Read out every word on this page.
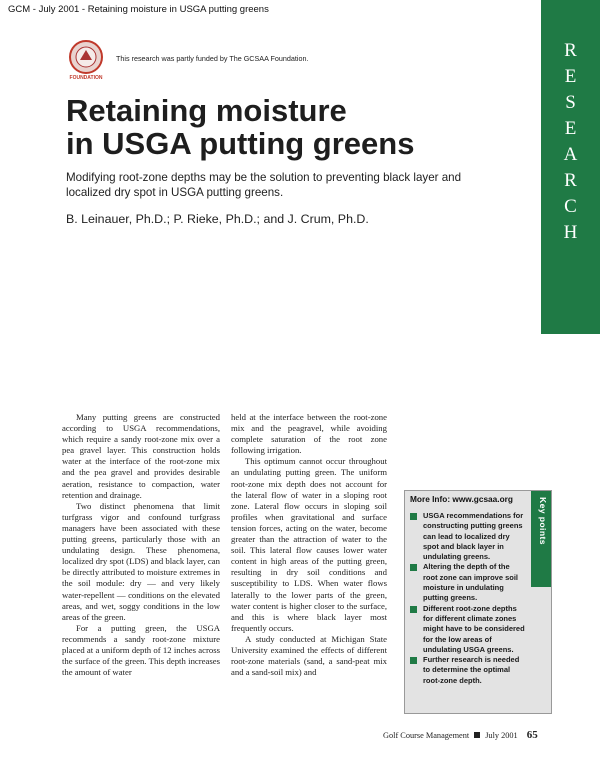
GCM - July 2001 - Retaining moisture in USGA putting greens
FOUNDATION
This research was partly funded by The GCSAA Foundation.	R
E
S
E
A
R
C
H
Retaining moisture
in USGA putting greens
Modifying root-zone depths may be the solution to preventing black layer and localized dry spot in USGA putting greens.
B. Leinauer, Ph.D.; P. Rieke, Ph.D.; and J. Crum, Ph.D.

Many putting greens are constructed according to USGA recommendations, which require a sandy root-zone mix over a pea gravel layer. This construction holds water at the interface of the root-zone mix and the pea gravel and provides desirable aeration, resistance to compaction, water retention and drainage.

Two distinct phenomena that limit turfgrass vigor and confound turfgrass managers have been associated with these putting greens, particularly those with an undulating design. These phenomena, localized dry spot (LDS) and black layer, can be directly attributed to moisture extremes in the soil module: dry — and very likely water-repellent — conditions on the elevated areas, and wet, soggy conditions in the low areas of the green.

For a putting green, the USGA recommends a sandy root-zone mixture placed at a uniform depth of 12 inches across the surface of the green. This depth increases the amount of water

held at the interface between the root-zone mix and the peagravel, while avoiding complete saturation of the root zone following irrigation.

This optimum cannot occur throughout an undulating putting green. The uniform root-zone mix depth does not account for the lateral flow of water in a sloping root zone. Lateral flow occurs in sloping soil profiles when gravitational and surface tension forces, acting on the water, become greater than the attraction of water to the soil. This lateral flow causes lower water content in high areas of the putting green, resulting in dry soil conditions and susceptibility to LDS. When water flows laterally to the lower parts of the green, water content is higher closer to the surface, and this is where black layer most frequently occurs.

A study conducted at Michigan State University examined the effects of different root-zone materials (sand, a sand-peat mix and a sand-soil mix) and

More Info: www.gcsaa.org	Key points
USGA recommendations for constructing putting greens can lead to localized dry spot and black layer in undulating greens.
Altering the depth of the root zone can improve soil moisture in undulating putting greens.
Different root-zone depths for different climate zones might have to be considered for the low areas of undulating USGA greens.
Further research is needed to determine the optimal root-zone depth.
Golf Course Management July 2001 65
